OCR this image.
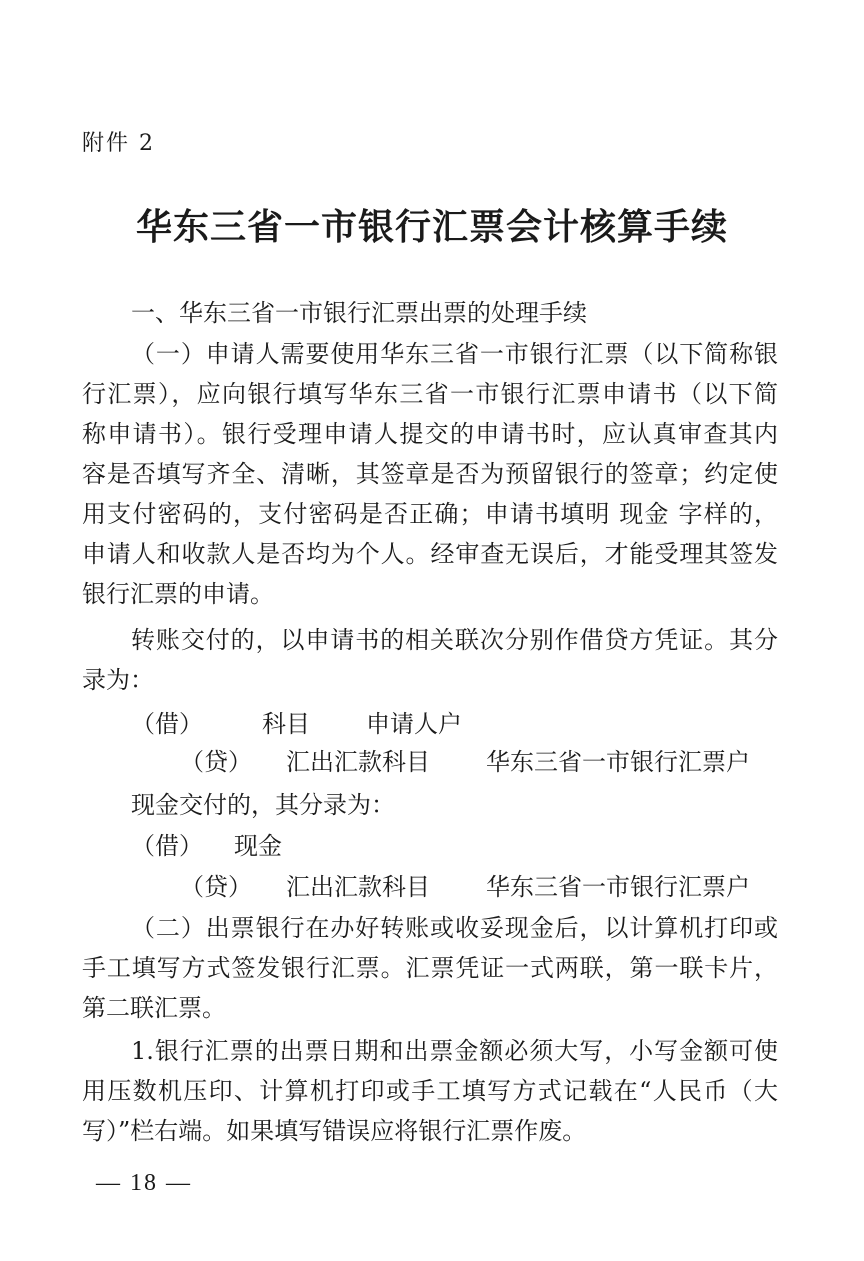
附件 2
华东三省一市银行汇票会计核算手续
一、华东三省一市银行汇票出票的处理手续
（一）申请人需要使用华东三省一市银行汇票（以下简称银
行汇票），应向银行填写华东三省一市银行汇票申请书（以下简
称申请书）。银行受理申请人提交的申请书时，应认真审查其内
容是否填写齐全、清晰，其签章是否为预留银行的签章；约定使
用支付密码的，支付密码是否正确；申请书填明 现金 字样的，
申请人和收款人是否均为个人。经审查无误后，才能受理其签发
银行汇票的申请。
转账交付的，以申请书的相关联次分别作借贷方凭证。其分
录为：
（借） 科目 申请人户
（贷） 汇出汇款科目 华东三省一市银行汇票户
现金交付的，其分录为：
（借） 现金
（贷） 汇出汇款科目 华东三省一市银行汇票户
（二）出票银行在办好转账或收妥现金后，以计算机打印或
手工填写方式签发银行汇票。汇票凭证一式两联，第一联卡片，
第二联汇票。
1.银行汇票的出票日期和出票金额必须大写，小写金额可使
用压数机压印、计算机打印或手工填写方式记载在“人民币（大
写）”栏右端。如果填写错误应将银行汇票作废。
— 18 —
